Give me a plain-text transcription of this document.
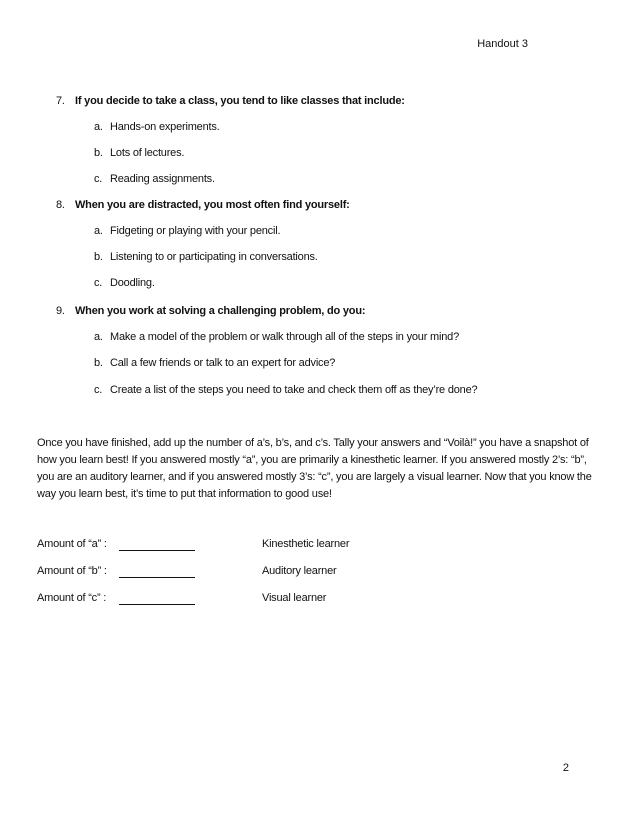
Handout 3
7. If you decide to take a class, you tend to like classes that include:
a. Hands-on experiments.
b. Lots of lectures.
c. Reading assignments.
8. When you are distracted, you most often find yourself:
a. Fidgeting or playing with your pencil.
b. Listening to or participating in conversations.
c. Doodling.
9. When you work at solving a challenging problem, do you:
a. Make a model of the problem or walk through all of the steps in your mind?
b. Call a few friends or talk to an expert for advice?
c. Create a list of the steps you need to take and check them off as they’re done?
Once you have finished, add up the number of a’s, b’s, and c’s. Tally your answers and “Voilà!” you have a snapshot of how you learn best! If you answered mostly “a”, you are primarily a kinesthetic learner. If you answered mostly 2’s: “b”, you are an auditory learner, and if you answered mostly 3’s: “c”, you are largely a visual learner. Now that you know the way you learn best, it’s time to put that information to good use!
Amount of “a” :	Kinesthetic learner
Amount of “b” :	Auditory learner
Amount of “c” :	Visual learner
2
